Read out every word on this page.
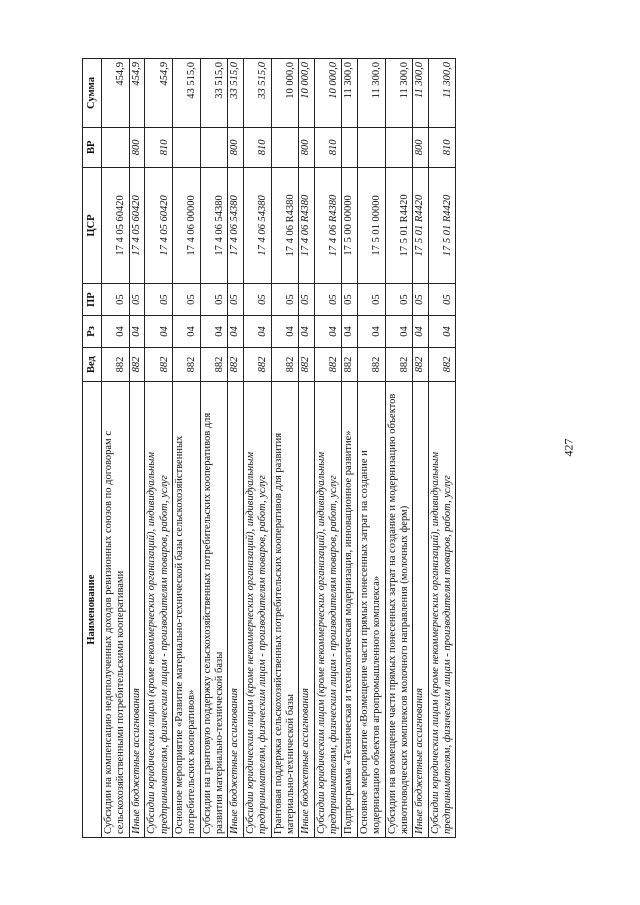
427
Наименование	Вед	Рз	ПР	ЦСР	ВР	Сумма
Субсидии на компенсацию недополученных доходов ревизионных союзов по договорам с сельскохозяйственными потребительскими кооперативами	882	04	05	17 4 05 60420		454,9
Иные бюджетные ассигнования	882	04	05	17 4 05 60420	800	454,9
Субсидии юридическим лицам (кроме некоммерческих организаций), индивидуальным предпринимателям, физическим лицам - производителям товаров, работ, услуг	882	04	05	17 4 05 60420	810	454,9
Основное мероприятие «Развитие материально-технической базы сельскохозяйственных потребительских кооперативов»	882	04	05	17 4 06 00000		43 515,0
Субсидии на грантовую поддержку сельскохозяйственных потребительских кооперативов для развития материально-технической базы	882	04	05	17 4 06 54380		33 515,0
Иные бюджетные ассигнования	882	04	05	17 4 06 54380	800	33 515,0
Субсидии юридическим лицам (кроме некоммерческих организаций), индивидуальным предпринимателям, физическим лицам - производителям товаров, работ, услуг	882	04	05	17 4 06 54380	810	33 515,0
Грантовая поддержка сельскохозяйственных потребительских кооперативов для развития материально-технической базы	882	04	05	17 4 06 R4380		10 000,0
Иные бюджетные ассигнования	882	04	05	17 4 06 R4380	800	10 000,0
Субсидии юридическим лицам (кроме некоммерческих организаций), индивидуальным предпринимателям, физическим лицам - производителям товаров, работ, услуг	882	04	05	17 4 06 R4380	810	10 000,0
Подпрограмма «Техническая и технологическая модернизация, инновационное развитие»	882	04	05	17 5 00 00000		11 300,0
Основное мероприятие «Возмещение части прямых понесенных затрат на создание и модернизацию объектов агропромышленного комплекса»	882	04	05	17 5 01 00000		11 300,0
Субсидии на возмещение части прямых понесенных затрат на создание и модернизацию объектов животноводческих комплексов молочного направления (молочных ферм)	882	04	05	17 5 01 R4420		11 300,0
Иные бюджетные ассигнования	882	04	05	17 5 01 R4420	800	11 300,0
Субсидии юридическим лицам (кроме некоммерческих организаций), индивидуальным предпринимателям, физическим лицам - производителям товаров, работ, услуг	882	04	05	17 5 01 R4420	810	11 300,0
